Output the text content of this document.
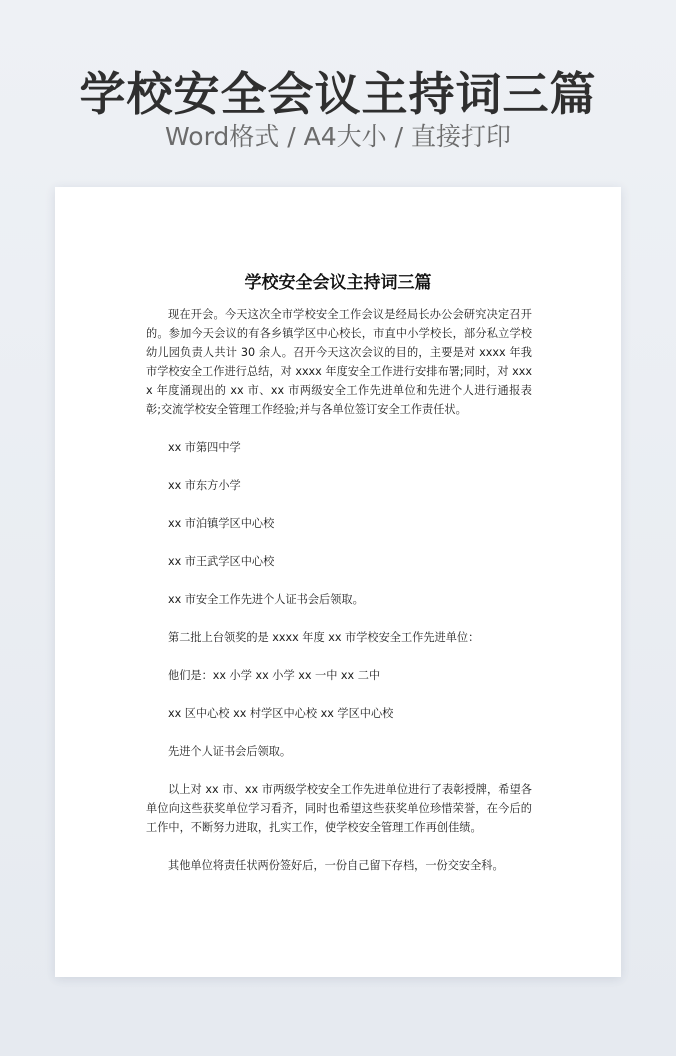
学校安全会议主持词三篇
Word格式 / A4大小 / 直接打印
学校安全会议主持词三篇

现在开会。今天这次全市学校安全工作会议是经局长办公会研究决定召开的。参加今天会议的有各乡镇学区中心校长，市直中小学校长，部分私立学校幼儿园负责人共计 30 余人。召开今天这次会议的目的，主要是对 xxxx 年我市学校安全工作进行总结，对 xxxx 年度安全工作进行安排布署;同时，对 xxxx 年度涌现出的 xx 市、xx 市两级安全工作先进单位和先进个人进行通报表彰;交流学校安全管理工作经验;并与各单位签订安全工作责任状。

xx 市第四中学

xx 市东方小学

xx 市泊镇学区中心校

xx 市王武学区中心校

xx 市安全工作先进个人证书会后领取。

第二批上台领奖的是 xxxx 年度 xx 市学校安全工作先进单位：

他们是：xx 小学 xx 小学 xx 一中 xx 二中

xx 区中心校 xx 村学区中心校 xx 学区中心校

先进个人证书会后领取。

以上对 xx 市、xx 市两级学校安全工作先进单位进行了表彰授牌，希望各单位向这些获奖单位学习看齐，同时也希望这些获奖单位珍惜荣誉，在今后的工作中，不断努力进取，扎实工作，使学校安全管理工作再创佳绩。

其他单位将责任状两份签好后，一份自己留下存档，一份交安全科。
